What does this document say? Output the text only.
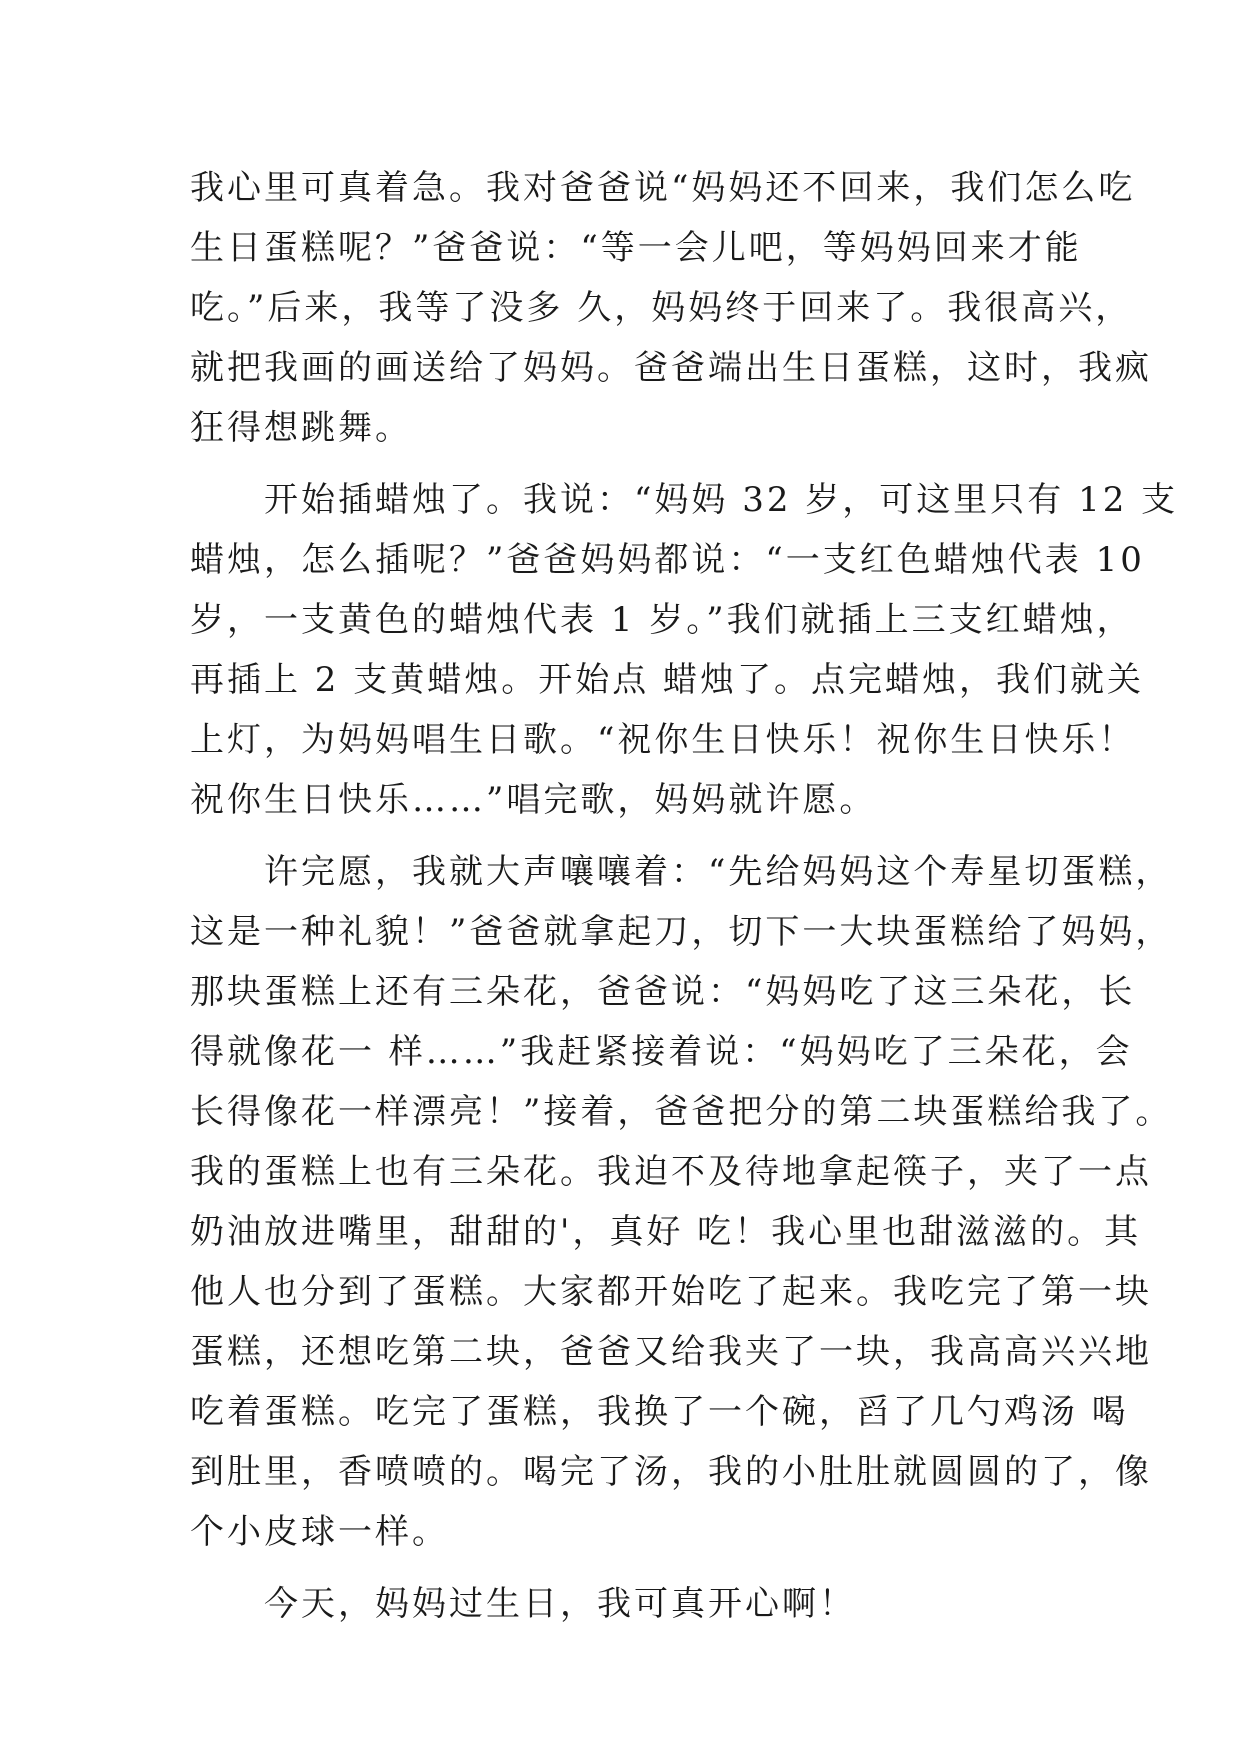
我心里可真着急。我对爸爸说“妈妈还不回来，我们怎么吃
生日蛋糕呢？”爸爸说：“等一会儿吧，等妈妈回来才能
吃。”后来，我等了没多 久，妈妈终于回来了。我很高兴，
就把我画的画送给了妈妈。爸爸端出生日蛋糕，这时，我疯
狂得想跳舞。
　　开始插蜡烛了。我说：“妈妈 32 岁，可这里只有 12 支
蜡烛，怎么插呢？”爸爸妈妈都说：“一支红色蜡烛代表 10
岁，一支黄色的蜡烛代表 1 岁。”我们就插上三支红蜡烛，
再插上 2 支黄蜡烛。开始点 蜡烛了。点完蜡烛，我们就关
上灯，为妈妈唱生日歌。“祝你生日快乐！祝你生日快乐！
祝你生日快乐……”唱完歌，妈妈就许愿。
　　许完愿，我就大声嚷嚷着：“先给妈妈这个寿星切蛋糕，
这是一种礼貌！”爸爸就拿起刀，切下一大块蛋糕给了妈妈，
那块蛋糕上还有三朵花，爸爸说：“妈妈吃了这三朵花，长
得就像花一 样……”我赶紧接着说：“妈妈吃了三朵花，会
长得像花一样漂亮！”接着，爸爸把分的第二块蛋糕给我了。
我的蛋糕上也有三朵花。我迫不及待地拿起筷子，夹了一点
奶油放进嘴里，甜甜的'，真好 吃！我心里也甜滋滋的。其
他人也分到了蛋糕。大家都开始吃了起来。我吃完了第一块
蛋糕，还想吃第二块，爸爸又给我夹了一块，我高高兴兴地
吃着蛋糕。吃完了蛋糕，我换了一个碗，舀了几勺鸡汤 喝
到肚里，香喷喷的。喝完了汤，我的小肚肚就圆圆的了，像
个小皮球一样。
　　今天，妈妈过生日，我可真开心啊！
